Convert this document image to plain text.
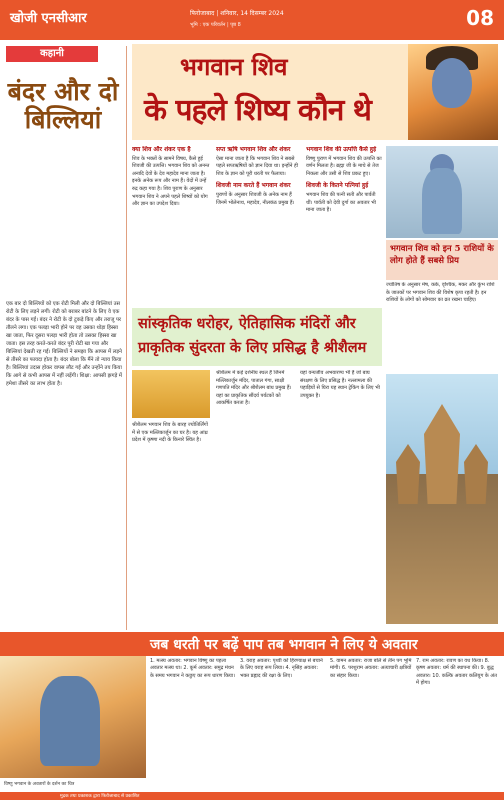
खोजी एनसीआर	फिरोजाबाद | शनिवार, 14 दिसम्बर 2024
भूमि : एक परिवर्तन | पृष्ठ 8	08
कहानी
बंदर और दो बिल्लियां
एक बार दो बिल्लियों को एक रोटी मिली और दो बिल्लियां उस रोटी के लिए लड़ने लगीं। रोटी को बराबर बांटने के लिए वे एक बंदर के पास गईं। बंदर ने रोटी के दो टुकड़े किए और तराजू पर तौलने लगा। एक पलड़ा भारी होने पर वह उसका थोड़ा हिस्सा खा जाता, फिर दूसरा पलड़ा भारी होता तो उसका हिस्सा खा जाता। इस तरह करते-करते बंदर पूरी रोटी खा गया और बिल्लियां देखती रह गईं। बिल्लियों ने समझा कि आपस में लड़ने से तीसरे का फायदा होता है। बंदर बोला कि मैंने तो न्याय किया है। बिल्लियां उदास होकर वापस लौट गईं और उन्होंने तय किया कि आगे से कभी आपस में नहीं लड़ेंगी। शिक्षा: आपसी झगड़े में हमेशा तीसरे का लाभ होता है।
भगवान शिव
के पहले शिष्य कौन थे
क्या शिव और शंकर एक है
शिव के भक्तों के सामने विषय, कैसे हुई शिवजी की उत्पत्ति। भगवान शिव को अनन्त अनादि देवों के देव महादेव माना जाता है। इनके अनेक रूप और नाम हैं। वेदों में उन्हें रुद्र कहा गया है। शिव पुराण के अनुसार भगवान शिव ने अपने पहले शिष्यों को योग और ज्ञान का उपदेश दिया।
सप्त ऋषि भगवान शिव और शंकर
ऐसा माना जाता है कि भगवान शिव ने सबसे पहले सप्तऋषियों को ज्ञान दिया था। इन्होंने ही शिव के ज्ञान को पूरी धरती पर फैलाया।
शिवजी नाम करते हैं भगवान शंकर
पुराणों के अनुसार शिवजी के अनेक नाम हैं जिनमें भोलेनाथ, महादेव, नीलकंठ प्रमुख हैं।
भगवान शिव की उत्पत्ति कैसे हुई
विष्णु पुराण में भगवान शिव की उत्पत्ति का वर्णन मिलता है। ब्रह्मा जी के माथे से तेज निकला और उसी से शिव प्रकट हुए।
शिवजी के कितने पत्नियां हुई
भगवान शिव की पत्नी सती और पार्वती थीं। पार्वती को देवी दुर्गा का अवतार भी माना जाता है।
भगवान शिव को इन 5 राशियों के लोग होते हैं सबसे प्रिय
ज्योतिष के अनुसार मेष, कर्क, वृश्चिक, मकर और कुंभ राशि के जातकों पर भगवान शिव की विशेष कृपा रहती है। इन राशियों के लोगों को सोमवार का व्रत रखना चाहिए।
सांस्कृतिक धरोहर, ऐतिहासिक मंदिरों और प्राकृतिक सुंदरता के लिए प्रसिद्ध है श्रीशैलम
श्रीशैलम भगवान शिव के बारह ज्योतिर्लिंगों में से एक मल्लिकार्जुन का घर है। यह आंध्र प्रदेश में कृष्णा नदी के किनारे स्थित है।
श्रीशैलम में कई दर्शनीय स्थल हैं जिनमें मल्लिकार्जुन मंदिर, पाताल गंगा, साक्षी गणपति मंदिर और श्रीशैलम बांध प्रमुख हैं। यहां का प्राकृतिक सौंदर्य पर्यटकों को आकर्षित करता है।
यहां वन्यजीव अभयारण्य भी है जो बाघ संरक्षण के लिए प्रसिद्ध है। नल्लामला की पहाड़ियों से घिरा यह स्थान ट्रेकिंग के लिए भी उपयुक्त है।
जब धरती पर बढ़ें पाप तब भगवान ने लिए ये अवतार
1. मत्स्य अवतार: भगवान विष्णु का पहला अवतार मत्स्य था। 2. कूर्म अवतार: समुद्र मंथन के समय भगवान ने कछुए का रूप धारण किया।
3. वराह अवतार: पृथ्वी को हिरण्याक्ष से बचाने के लिए वराह रूप लिया। 4. नृसिंह अवतार: भक्त प्रह्लाद की रक्षा के लिए।
5. वामन अवतार: राजा बलि से तीन पग भूमि मांगी। 6. परशुराम अवतार: अत्याचारी क्षत्रियों का संहार किया।
7. राम अवतार: रावण का वध किया। 8. कृष्ण अवतार: धर्म की स्थापना की। 9. बुद्ध अवतार। 10. कल्कि अवतार कलियुग के अंत में होगा।
विष्णु भगवान के अवतारों के दर्शन का चित्र
मुद्रक तथा प्रकाशक द्वारा फिरोजाबाद से प्रकाशित
